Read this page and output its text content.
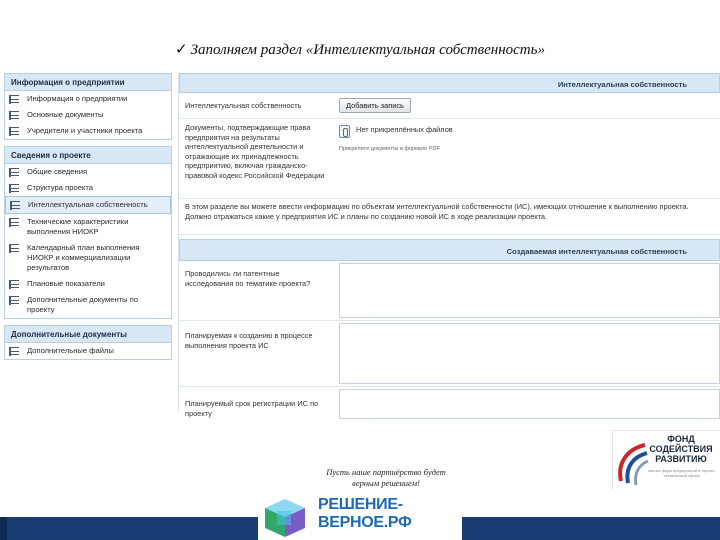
✓ Заполняем раздел «Интеллектуальная собственность»
Информация о предприятии
Информация о предприятии
Основные документы
Учредители и участники проекта
Сведения о проекте
Общие сведения
Структура проекта
Интеллектуальная собственность
Технические характеристики выполнения НИОКР
Календарный план выполнения НИОКР и коммерциализации результатов
Плановые показатели
Дополнительные документы по проекту
Дополнительные документы
Дополнительные файлы
Интеллектуальная собственность
Интеллектуальная собственность	Добавить запись
Документы, подтверждающие права предприятия на результаты интеллектуальной деятельности и отражающие их принадлежность предприятию, включая гражданско-правовой кодекс Российской Федерации
Нет прикреплённых файлов
Прикрепите документы в формате PDF
В этом разделе вы можете ввести информацию по объектам интеллектуальной собственности (ИС), имеющих отношение к выполнению проекта. Должно отражаться какие у предприятия ИС и планы по созданию новой ИС в ходе реализации проекта.
Создаваемая интеллектуальная собственность
Проводились ли патентные исследования по тематике проекта?
Планируемая к созданию в процессе выполнения проекта ИС
Планируемый срок регистрации ИС по проекту
ФОНД
СОДЕЙСТВИЯ
РАЗВИТИЮ
малых форм предприятий в научно-технической сфере
Пусть наше партнёрство будет верным решением!
РЕШЕНИЕ-ВЕРНОЕ.РФ
